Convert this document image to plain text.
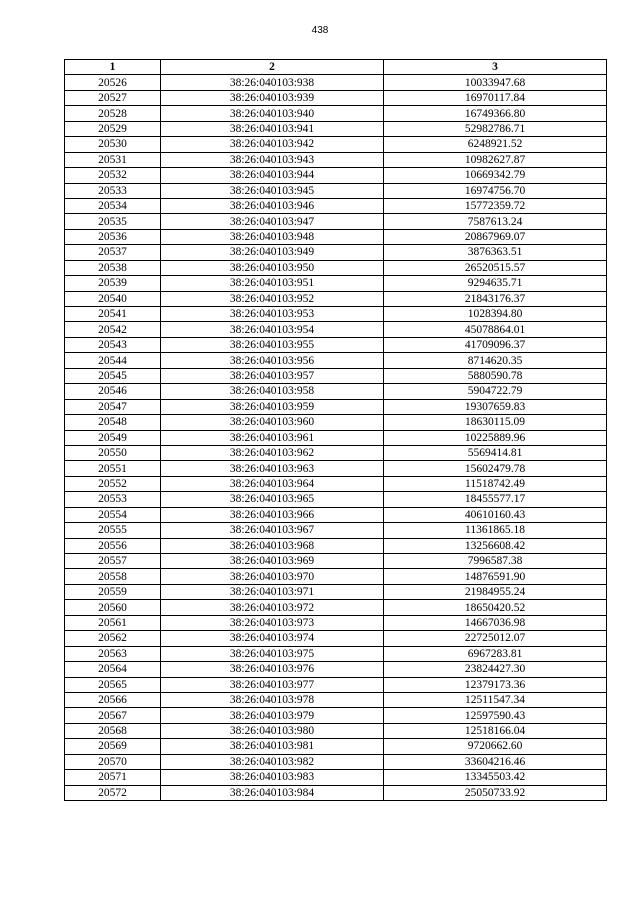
438
1	2	3
20526	38:26:040103:938	10033947.68
20527	38:26:040103:939	16970117.84
20528	38:26:040103:940	16749366.80
20529	38:26:040103:941	52982786.71
20530	38:26:040103:942	6248921.52
20531	38:26:040103:943	10982627.87
20532	38:26:040103:944	10669342.79
20533	38:26:040103:945	16974756.70
20534	38:26:040103:946	15772359.72
20535	38:26:040103:947	7587613.24
20536	38:26:040103:948	20867969.07
20537	38:26:040103:949	3876363.51
20538	38:26:040103:950	26520515.57
20539	38:26:040103:951	9294635.71
20540	38:26:040103:952	21843176.37
20541	38:26:040103:953	1028394.80
20542	38:26:040103:954	45078864.01
20543	38:26:040103:955	41709096.37
20544	38:26:040103:956	8714620.35
20545	38:26:040103:957	5880590.78
20546	38:26:040103:958	5904722.79
20547	38:26:040103:959	19307659.83
20548	38:26:040103:960	18630115.09
20549	38:26:040103:961	10225889.96
20550	38:26:040103:962	5569414.81
20551	38:26:040103:963	15602479.78
20552	38:26:040103:964	11518742.49
20553	38:26:040103:965	18455577.17
20554	38:26:040103:966	40610160.43
20555	38:26:040103:967	11361865.18
20556	38:26:040103:968	13256608.42
20557	38:26:040103:969	7996587.38
20558	38:26:040103:970	14876591.90
20559	38:26:040103:971	21984955.24
20560	38:26:040103:972	18650420.52
20561	38:26:040103:973	14667036.98
20562	38:26:040103:974	22725012.07
20563	38:26:040103:975	6967283.81
20564	38:26:040103:976	23824427.30
20565	38:26:040103:977	12379173.36
20566	38:26:040103:978	12511547.34
20567	38:26:040103:979	12597590.43
20568	38:26:040103:980	12518166.04
20569	38:26:040103:981	9720662.60
20570	38:26:040103:982	33604216.46
20571	38:26:040103:983	13345503.42
20572	38:26:040103:984	25050733.92
